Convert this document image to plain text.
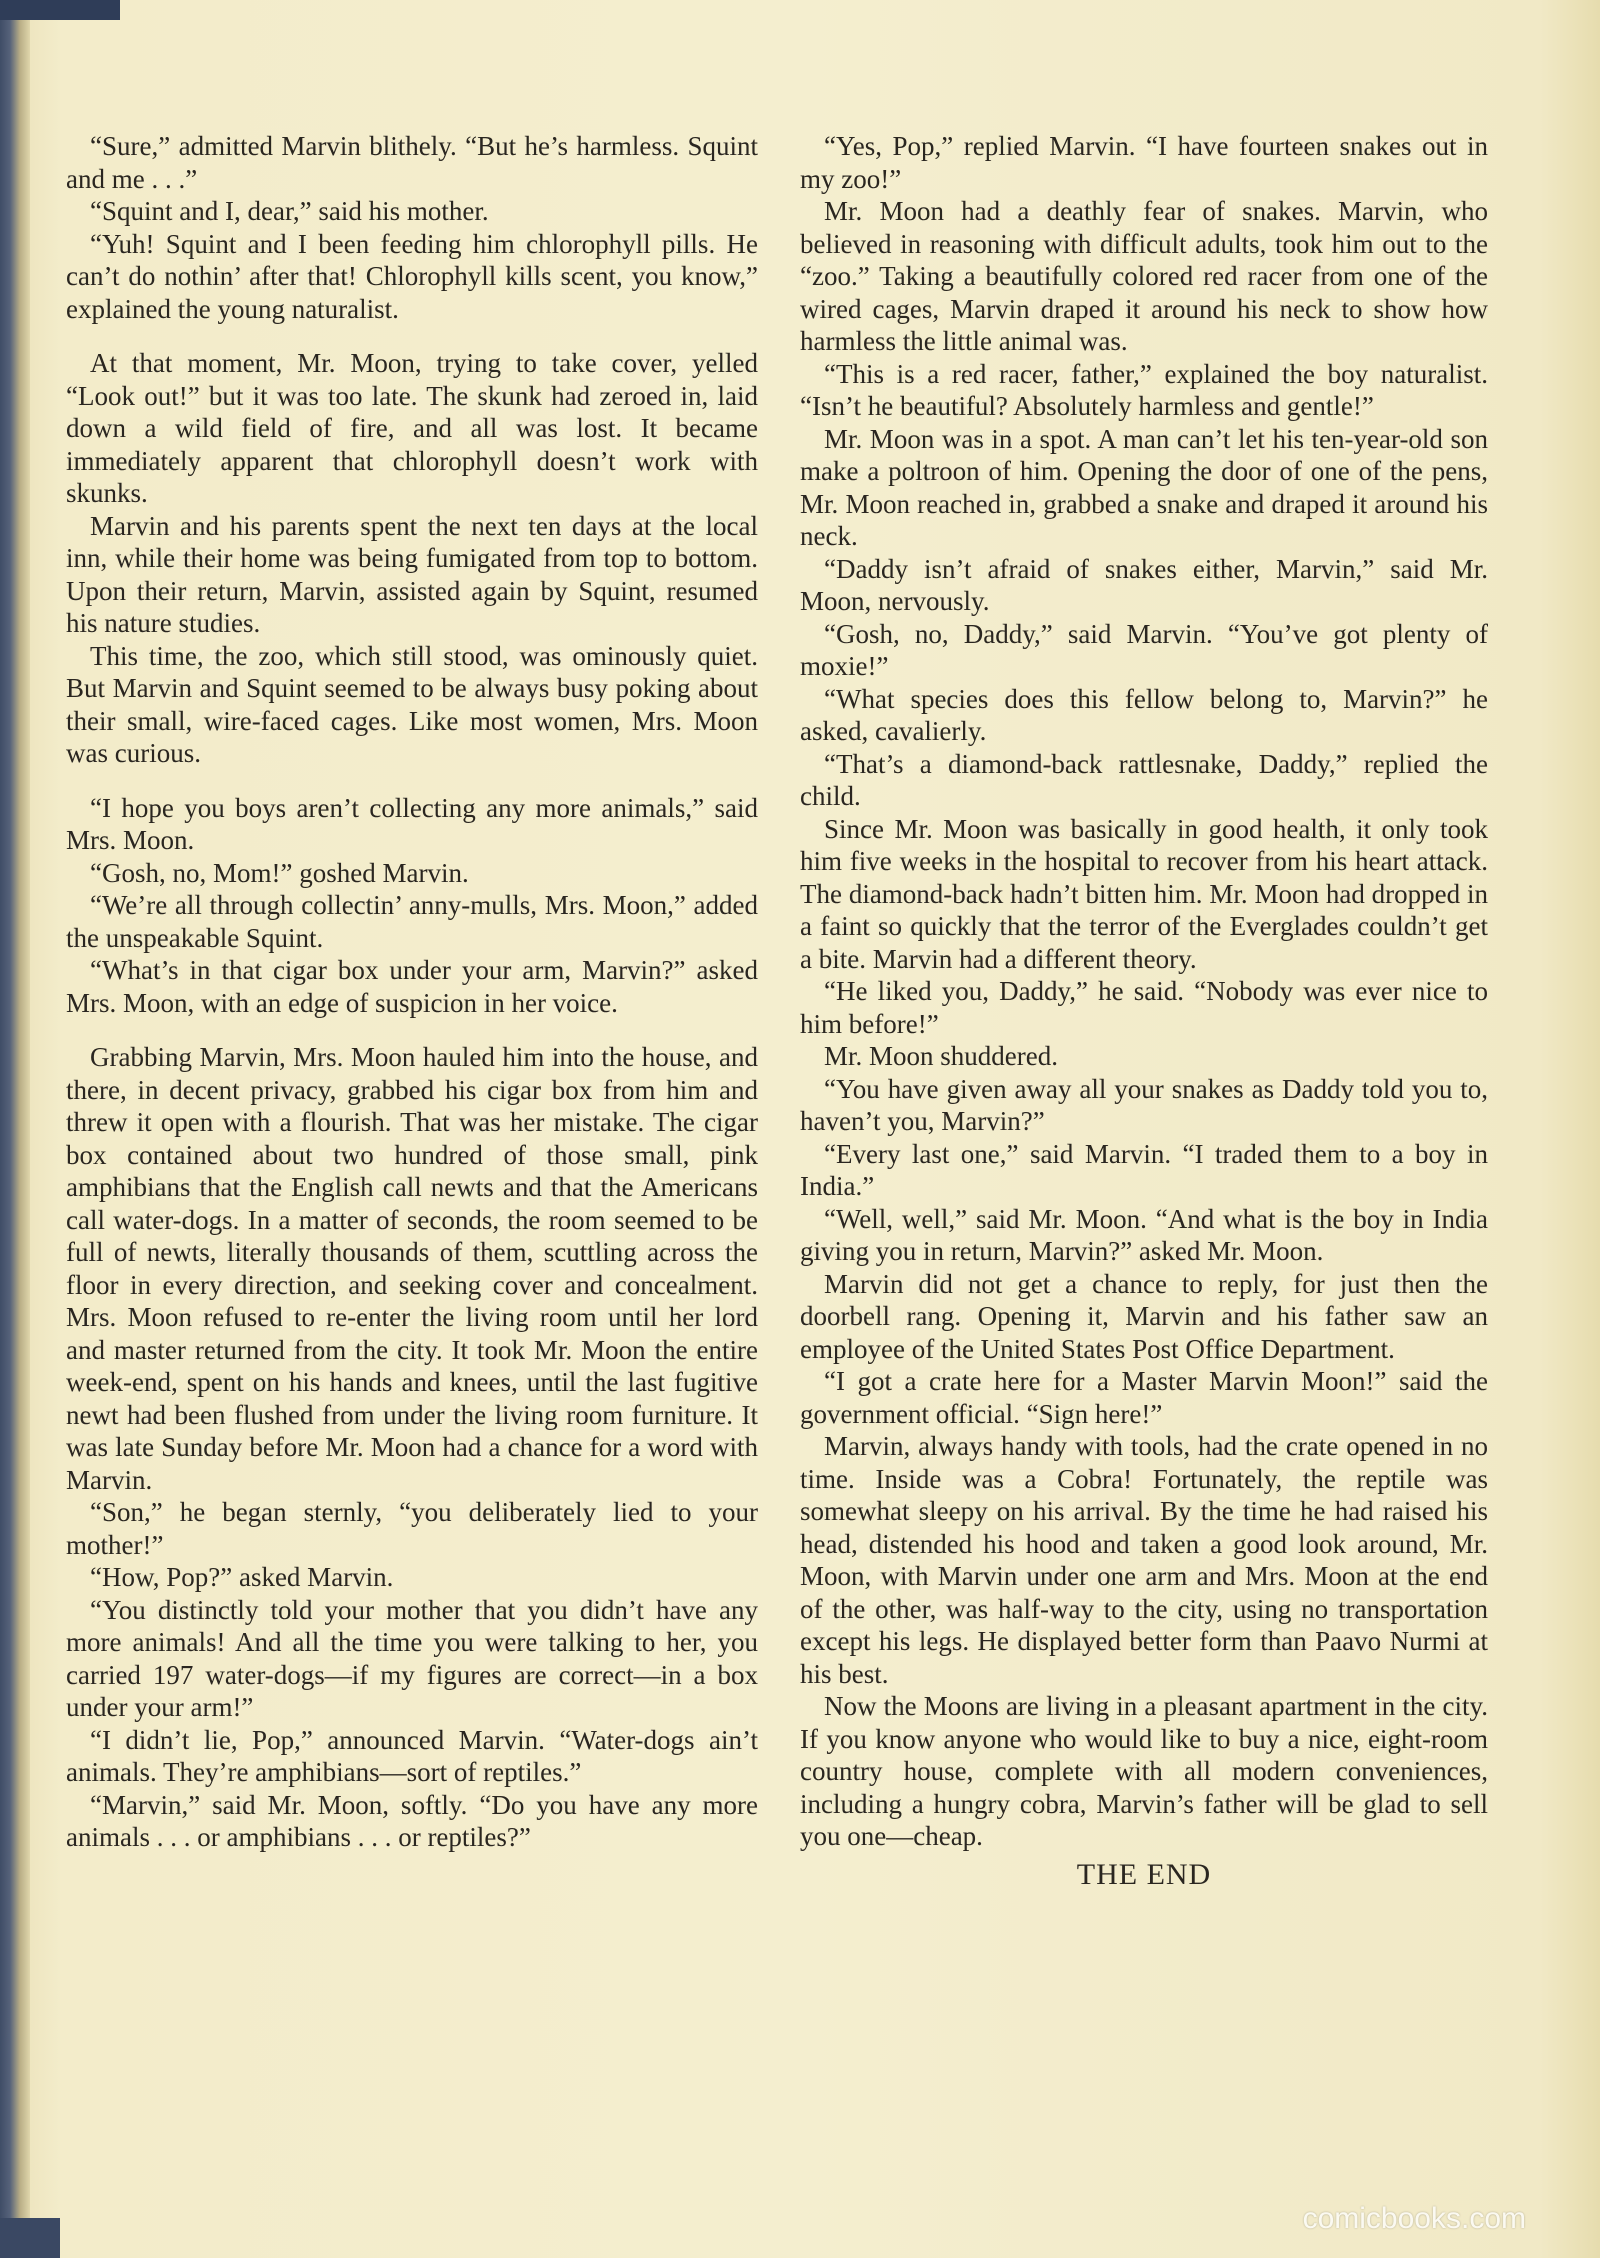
“Sure,” admitted Marvin blithely. “But he’s harmless. Squint and me . . .”

“Squint and I, dear,” said his mother.

“Yuh! Squint and I been feeding him chlorophyll pills. He can’t do nothin’ after that! Chlorophyll kills scent, you know,” explained the young naturalist.

At that moment, Mr. Moon, trying to take cover, yelled “Look out!” but it was too late. The skunk had zeroed in, laid down a wild field of fire, and all was lost. It became immediately apparent that chlorophyll doesn’t work with skunks.

Marvin and his parents spent the next ten days at the local inn, while their home was being fumigated from top to bottom. Upon their return, Marvin, assisted again by Squint, resumed his nature studies.

This time, the zoo, which still stood, was ominously quiet. But Marvin and Squint seemed to be always busy poking about their small, wire-faced cages. Like most women, Mrs. Moon was curious.

“I hope you boys aren’t collecting any more animals,” said Mrs. Moon.

“Gosh, no, Mom!” goshed Marvin.

“We’re all through collectin’ anny-mulls, Mrs. Moon,” added the unspeakable Squint.

“What’s in that cigar box under your arm, Marvin?” asked Mrs. Moon, with an edge of suspicion in her voice.

Grabbing Marvin, Mrs. Moon hauled him into the house, and there, in decent privacy, grabbed his cigar box from him and threw it open with a flourish. That was her mistake. The cigar box contained about two hundred of those small, pink amphibians that the English call newts and that the Americans call water-dogs. In a matter of seconds, the room seemed to be full of newts, literally thousands of them, scuttling across the floor in every direction, and seeking cover and concealment. Mrs. Moon refused to re-enter the living room until her lord and master returned from the city. It took Mr. Moon the entire week-end, spent on his hands and knees, until the last fugitive newt had been flushed from under the living room furniture. It was late Sunday before Mr. Moon had a chance for a word with Marvin.

“Son,” he began sternly, “you deliberately lied to your mother!”

“How, Pop?” asked Marvin.

“You distinctly told your mother that you didn’t have any more animals! And all the time you were talking to her, you carried 197 water-dogs—if my figures are correct—in a box under your arm!”

“I didn’t lie, Pop,” announced Marvin. “Water-dogs ain’t animals. They’re amphibians—sort of reptiles.”

“Marvin,” said Mr. Moon, softly. “Do you have any more animals . . . or amphibians . . . or reptiles?”

“Yes, Pop,” replied Marvin. “I have fourteen snakes out in my zoo!”

Mr. Moon had a deathly fear of snakes. Marvin, who believed in reasoning with difficult adults, took him out to the “zoo.” Taking a beautifully colored red racer from one of the wired cages, Marvin draped it around his neck to show how harmless the little animal was.

“This is a red racer, father,” explained the boy naturalist. “Isn’t he beautiful? Absolutely harmless and gentle!”

Mr. Moon was in a spot. A man can’t let his ten-year-old son make a poltroon of him. Opening the door of one of the pens, Mr. Moon reached in, grabbed a snake and draped it around his neck.

“Daddy isn’t afraid of snakes either, Marvin,” said Mr. Moon, nervously.

“Gosh, no, Daddy,” said Marvin. “You’ve got plenty of moxie!”

“What species does this fellow belong to, Marvin?” he asked, cavalierly.

“That’s a diamond-back rattlesnake, Daddy,” replied the child.

Since Mr. Moon was basically in good health, it only took him five weeks in the hospital to recover from his heart attack. The diamond-back hadn’t bitten him. Mr. Moon had dropped in a faint so quickly that the terror of the Everglades couldn’t get a bite. Marvin had a different theory.

“He liked you, Daddy,” he said. “Nobody was ever nice to him before!”

Mr. Moon shuddered.

“You have given away all your snakes as Daddy told you to, haven’t you, Marvin?”

“Every last one,” said Marvin. “I traded them to a boy in India.”

“Well, well,” said Mr. Moon. “And what is the boy in India giving you in return, Marvin?” asked Mr. Moon.

Marvin did not get a chance to reply, for just then the doorbell rang. Opening it, Marvin and his father saw an employee of the United States Post Office Department.

“I got a crate here for a Master Marvin Moon!” said the government official. “Sign here!”

Marvin, always handy with tools, had the crate opened in no time. Inside was a Cobra! Fortunately, the reptile was somewhat sleepy on his arrival. By the time he had raised his head, distended his hood and taken a good look around, Mr. Moon, with Marvin under one arm and Mrs. Moon at the end of the other, was half-way to the city, using no transportation except his legs. He displayed better form than Paavo Nurmi at his best.

Now the Moons are living in a pleasant apartment in the city. If you know anyone who would like to buy a nice, eight-room country house, complete with all modern conveniences, including a hungry cobra, Marvin’s father will be glad to sell you one—cheap.

THE END

comicbooks.com
